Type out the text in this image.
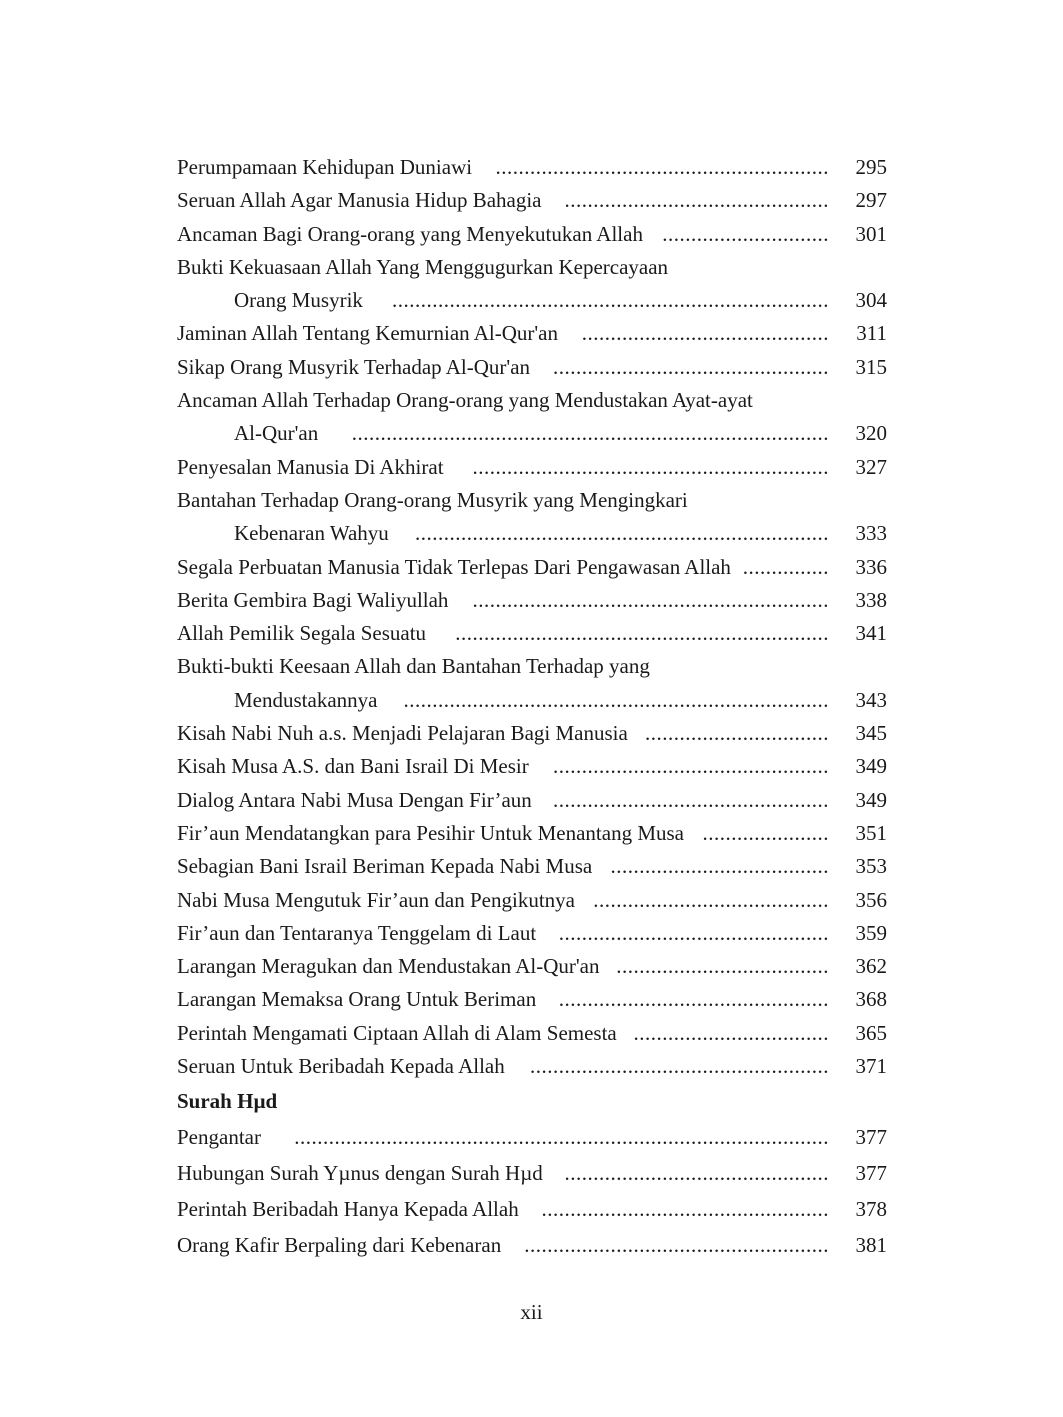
Perumpamaan Kehidupan Duniawi	295
..........................................................
Seruan Allah Agar Manusia Hidup Bahagia	297
..............................................
Ancaman Bagi Orang-orang yang Menyekutukan Allah	301
.............................
Bukti Kekuasaan Allah Yang Menggugurkan Kepercayaan
Orang Musyrik	304
............................................................................
Jaminan Allah Tentang Kemurnian Al-Qur'an	311
...........................................
Sikap Orang Musyrik Terhadap Al-Qur'an	315
................................................
Ancaman Allah Terhadap Orang-orang yang Mendustakan Ayat-ayat
Al-Qur'an	320
...................................................................................
Penyesalan Manusia Di Akhirat	327
..............................................................
Bantahan Terhadap Orang-orang Musyrik yang Mengingkari
Kebenaran Wahyu	333
........................................................................
Segala Perbuatan Manusia Tidak Terlepas Dari Pengawasan Allah	336
...............
Berita Gembira Bagi Waliyullah	338
..............................................................
Allah Pemilik Segala Sesuatu	341
.................................................................
Bukti-bukti Keesaan Allah dan Bantahan Terhadap yang
Mendustakannya	343
..........................................................................
Kisah Nabi Nuh a.s. Menjadi Pelajaran Bagi Manusia	345
................................
Kisah Musa A.S. dan Bani Israil Di Mesir	349
................................................
Dialog Antara Nabi Musa Dengan Fir’aun	349
................................................
Fir’aun Mendatangkan para Pesihir Untuk Menantang Musa	351
......................
Sebagian Bani Israil Beriman Kepada Nabi Musa	353
......................................
Nabi Musa Mengutuk Fir’aun dan Pengikutnya	356
.........................................
Fir’aun dan Tentaranya Tenggelam di Laut	359
...............................................
Larangan Meragukan dan Mendustakan Al-Qur'an	362
.....................................
Larangan Memaksa Orang Untuk Beriman	368
...............................................
Perintah Mengamati Ciptaan Allah di Alam Semesta	365
..................................
Seruan Untuk Beribadah Kepada Allah	371
....................................................
Surah Hµd
Pengantar	377
.............................................................................................
Hubungan Surah Yµnus dengan Surah Hµd	377
..............................................
Perintah Beribadah Hanya Kepada Allah	378
..................................................
Orang Kafir Berpaling dari Kebenaran	381
.....................................................
xii
